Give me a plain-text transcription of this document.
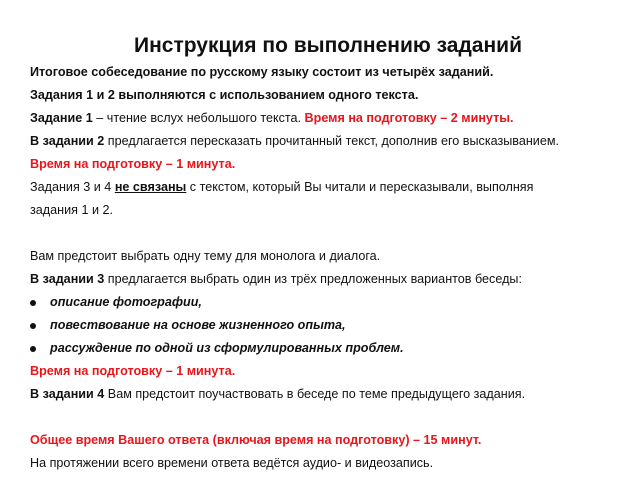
Инструкция по выполнению заданий
Итоговое собеседование по русскому языку состоит из четырёх заданий.
Задания 1 и 2 выполняются с использованием одного текста.
Задание 1 – чтение вслух небольшого текста. Время на подготовку – 2 минуты.
В задании 2 предлагается пересказать прочитанный текст, дополнив его высказыванием.
Время на подготовку – 1 минута.
Задания 3 и 4 не связаны с текстом, который Вы читали и пересказывали, выполняя
задания 1 и 2.
Вам предстоит выбрать одну тему для монолога и диалога.
В задании 3 предлагается выбрать один из трёх предложенных вариантов беседы:
описание фотографии,
повествование на основе жизненного опыта,
рассуждение по одной из сформулированных проблем.
Время на подготовку – 1 минута.
В задании 4 Вам предстоит поучаствовать в беседе по теме предыдущего задания.
Общее время Вашего ответа (включая время на подготовку) – 15 минут.
На протяжении всего времени ответа ведётся аудио- и видеозапись.
